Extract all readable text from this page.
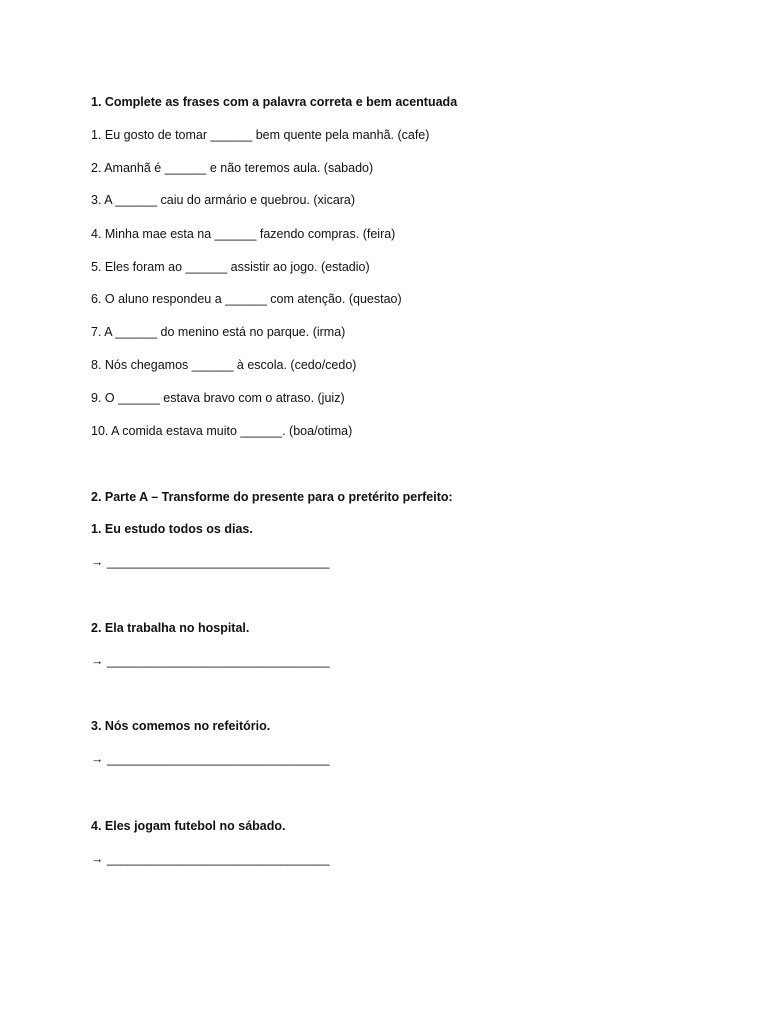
1. Complete as frases com a palavra correta e bem acentuada
1. Eu gosto de tomar ______ bem quente pela manhã. (cafe)
2. Amanhã é ______ e não teremos aula. (sabado)
3. A ______ caiu do armário e quebrou. (xicara)
4. Minha mae esta na ______ fazendo compras. (feira)
5. Eles foram ao ______ assistir ao jogo. (estadio)
6. O aluno respondeu a ______ com atenção. (questao)
7. A ______ do menino está no parque. (irma)
8. Nós chegamos ______ à escola. (cedo/cedo)
9. O ______ estava bravo com o atraso. (juiz)
10. A comida estava muito ______. (boa/otima)
2. Parte A – Transforme do presente para o pretérito perfeito:
1. Eu estudo todos os dias.
→ ________________________________
2. Ela trabalha no hospital.
→ ________________________________
3. Nós comemos no refeitório.
→ ________________________________
4. Eles jogam futebol no sábado.
→ ________________________________
